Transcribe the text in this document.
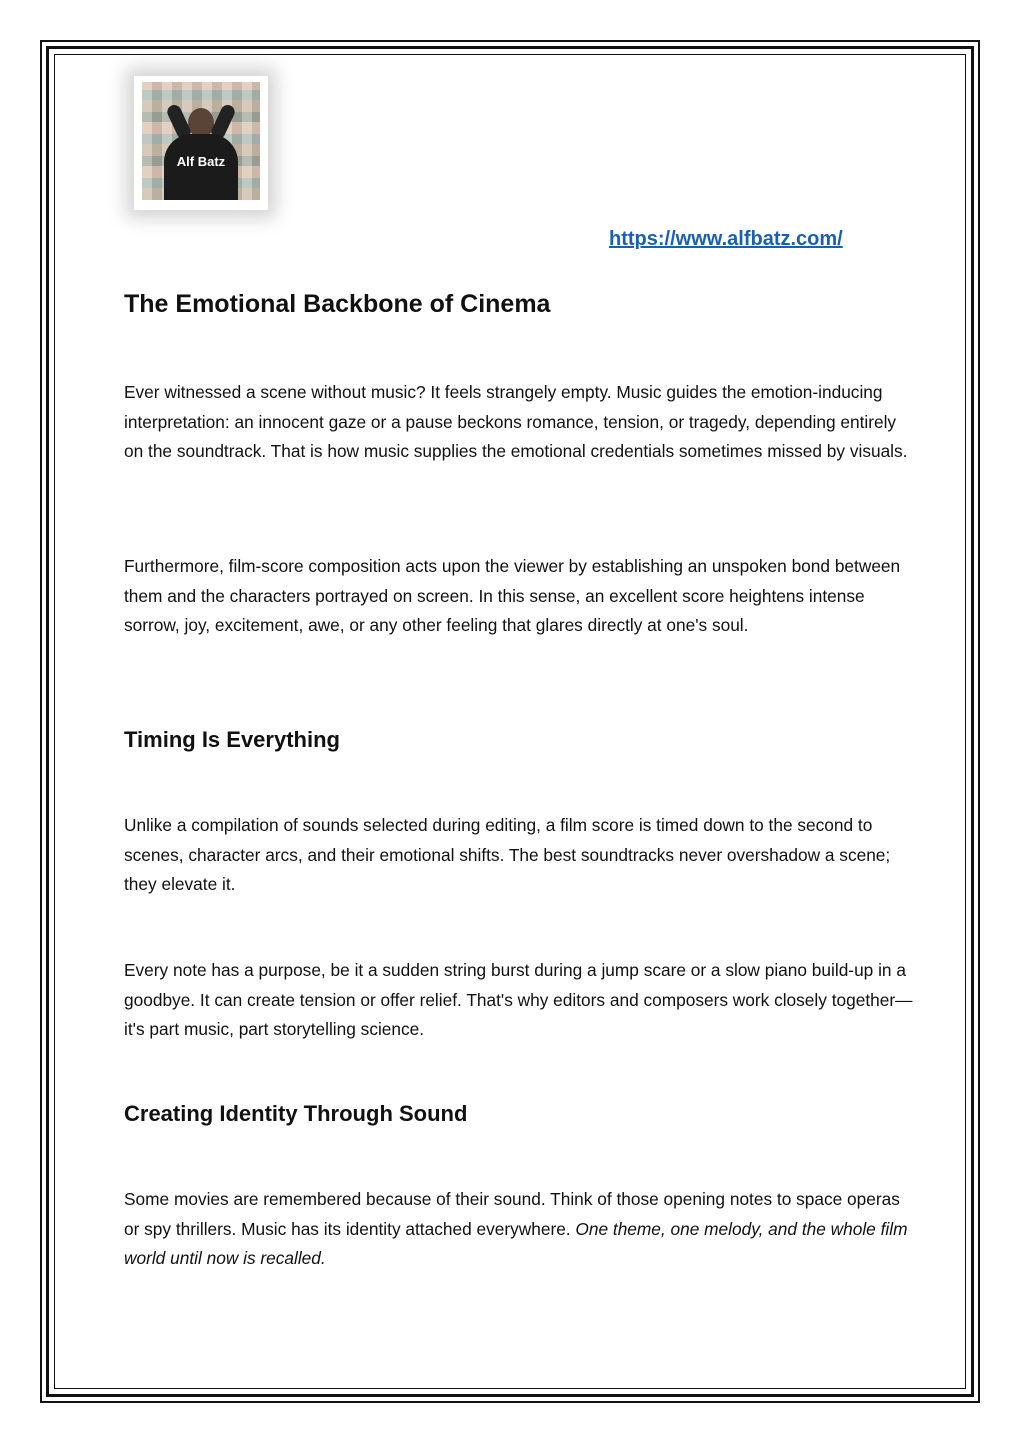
Alf Batz
https://www.alfbatz.com/
The Emotional Backbone of Cinema
Ever witnessed a scene without music? It feels strangely empty. Music guides the emotion-inducing interpretation: an innocent gaze or a pause beckons romance, tension, or tragedy, depending entirely on the soundtrack. That is how music supplies the emotional credentials sometimes missed by visuals.
Furthermore, film-score composition acts upon the viewer by establishing an unspoken bond between them and the characters portrayed on screen. In this sense, an excellent score heightens intense sorrow, joy, excitement, awe, or any other feeling that glares directly at one's soul.
Timing Is Everything
Unlike a compilation of sounds selected during editing, a film score is timed down to the second to scenes, character arcs, and their emotional shifts. The best soundtracks never overshadow a scene; they elevate it.
Every note has a purpose, be it a sudden string burst during a jump scare or a slow piano build-up in a goodbye. It can create tension or offer relief. That's why editors and composers work closely together—it's part music, part storytelling science.
Creating Identity Through Sound
Some movies are remembered because of their sound. Think of those opening notes to space operas or spy thrillers. Music has its identity attached everywhere. One theme, one melody, and the whole film world until now is recalled.
